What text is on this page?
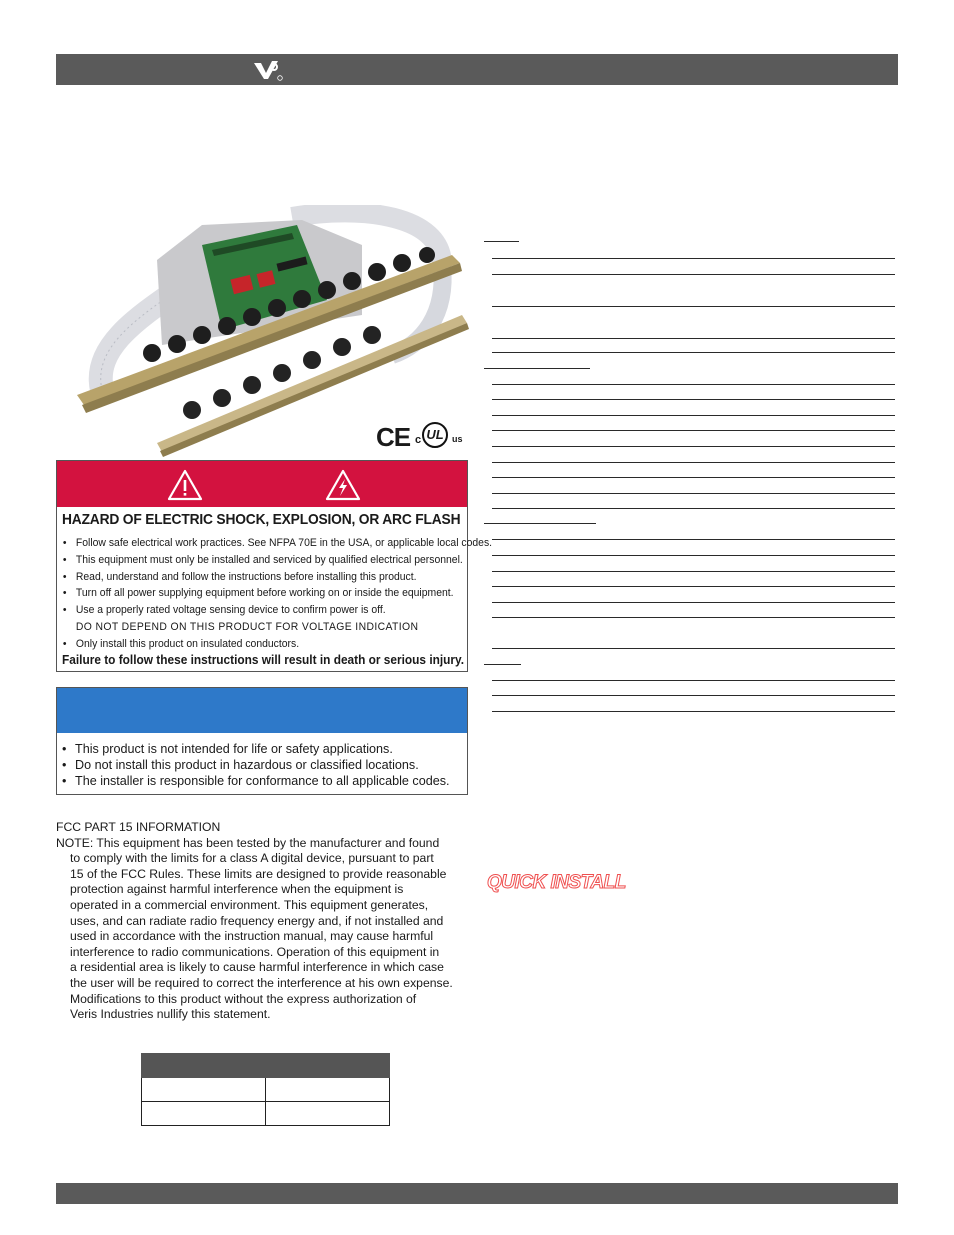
CE c UL us
HAZARD OF ELECTRIC SHOCK, EXPLOSION, OR ARC FLASH
• Follow safe electrical work practices. See NFPA 70E in the USA, or applicable local codes.
• This equipment must only be installed and serviced by qualified electrical personnel.
• Read, understand and follow the instructions before installing this product.
• Turn off all power supplying equipment before working on or inside the equipment.
• Use a properly rated voltage sensing device to confirm power is off.
DO NOT DEPEND ON THIS PRODUCT FOR VOLTAGE INDICATION
• Only install this product on insulated conductors.
Failure to follow these instructions will result in death or serious injury.
• This product is not intended for life or safety applications.
• Do not install this product in hazardous or classified locations.
• The installer is responsible for conformance to all applicable codes.
FCC PART 15 INFORMATION
NOTE: This equipment has been tested by the manufacturer and found
to comply with the limits for a class A digital device, pursuant to part
15 of the FCC Rules. These limits are designed to provide reasonable
protection against harmful interference when the equipment is
operated in a commercial environment. This equipment generates,
uses, and can radiate radio frequency energy and, if not installed and
used in accordance with the instruction manual, may cause harmful
interference to radio communications. Operation of this equipment in
a residential area is likely to cause harmful interference in which case
the user will be required to correct the interference at his own expense.
Modifications to this product without the express authorization of
Veris Industries nullify this statement.

QUICK INSTALL
